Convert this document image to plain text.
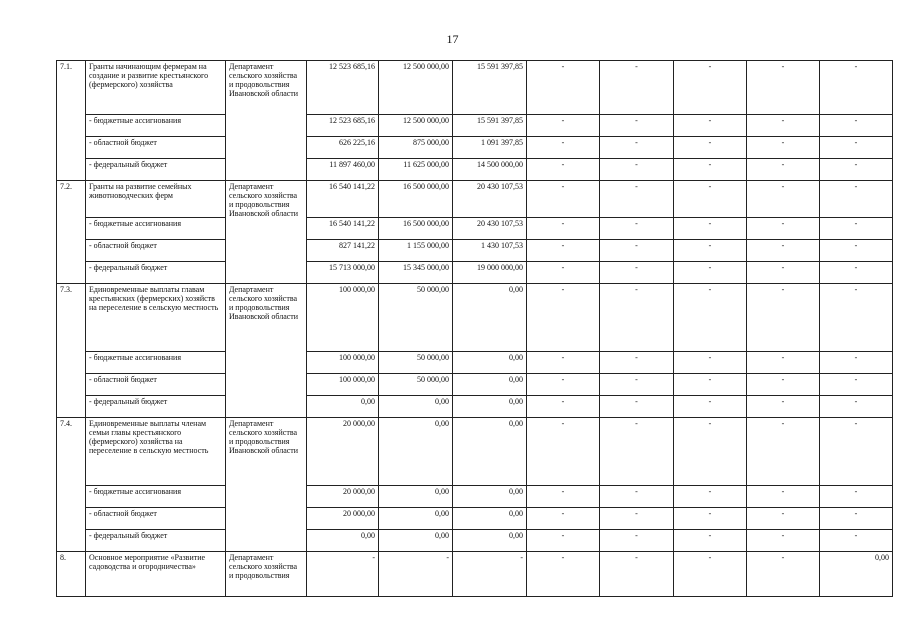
17
7.1.	Гранты начинающим фермерам на создание и развитие крестьянского (фермерского) хозяйства	Департамент сельского хозяйства и продовольствия Ивановской области	12 523 685,16	12 500 000,00	15 591 397,85	-	-	-	-	-
	- бюджетные ассигнования		12 523 685,16	12 500 000,00	15 591 397,85	-	-	-	-	-
	- областной бюджет		626 225,16	875 000,00	1 091 397,85	-	-	-	-	-
	- федеральный бюджет		11 897 460,00	11 625 000,00	14 500 000,00	-	-	-	-	-
7.2.	Гранты на развитие семейных животноводческих ферм	Департамент сельского хозяйства и продовольствия Ивановской области	16 540 141,22	16 500 000,00	20 430 107,53	-	-	-	-	-
	- бюджетные ассигнования		16 540 141,22	16 500 000,00	20 430 107,53	-	-	-	-	-
	- областной бюджет		827 141,22	1 155 000,00	1 430 107,53	-	-	-	-	-
	- федеральный бюджет		15 713 000,00	15 345 000,00	19 000 000,00	-	-	-	-	-
7.3.	Единовременные выплаты главам крестьянских (фермерских) хозяйств на переселение в сельскую местность	Департамент сельского хозяйства и продовольствия Ивановской области	100 000,00	50 000,00	0,00	-	-	-	-	-
	- бюджетные ассигнования		100 000,00	50 000,00	0,00	-	-	-	-	-
	- областной бюджет		100 000,00	50 000,00	0,00	-	-	-	-	-
	- федеральный бюджет		0,00	0,00	0,00	-	-	-	-	-
7.4.	Единовременные выплаты членам семьи главы крестьянского (фермерского) хозяйства на переселение в сельскую местность	Департамент сельского хозяйства и продовольствия Ивановской области	20 000,00	0,00	0,00	-	-	-	-	-
	- бюджетные ассигнования		20 000,00	0,00	0,00	-	-	-	-	-
	- областной бюджет		20 000,00	0,00	0,00	-	-	-	-	-
	- федеральный бюджет		0,00	0,00	0,00	-	-	-	-	-
8.	Основное мероприятие «Развитие садоводства и огородничества»	Департамент сельского хозяйства и продовольствия	-	-	-	-	-	-	-	0,00
